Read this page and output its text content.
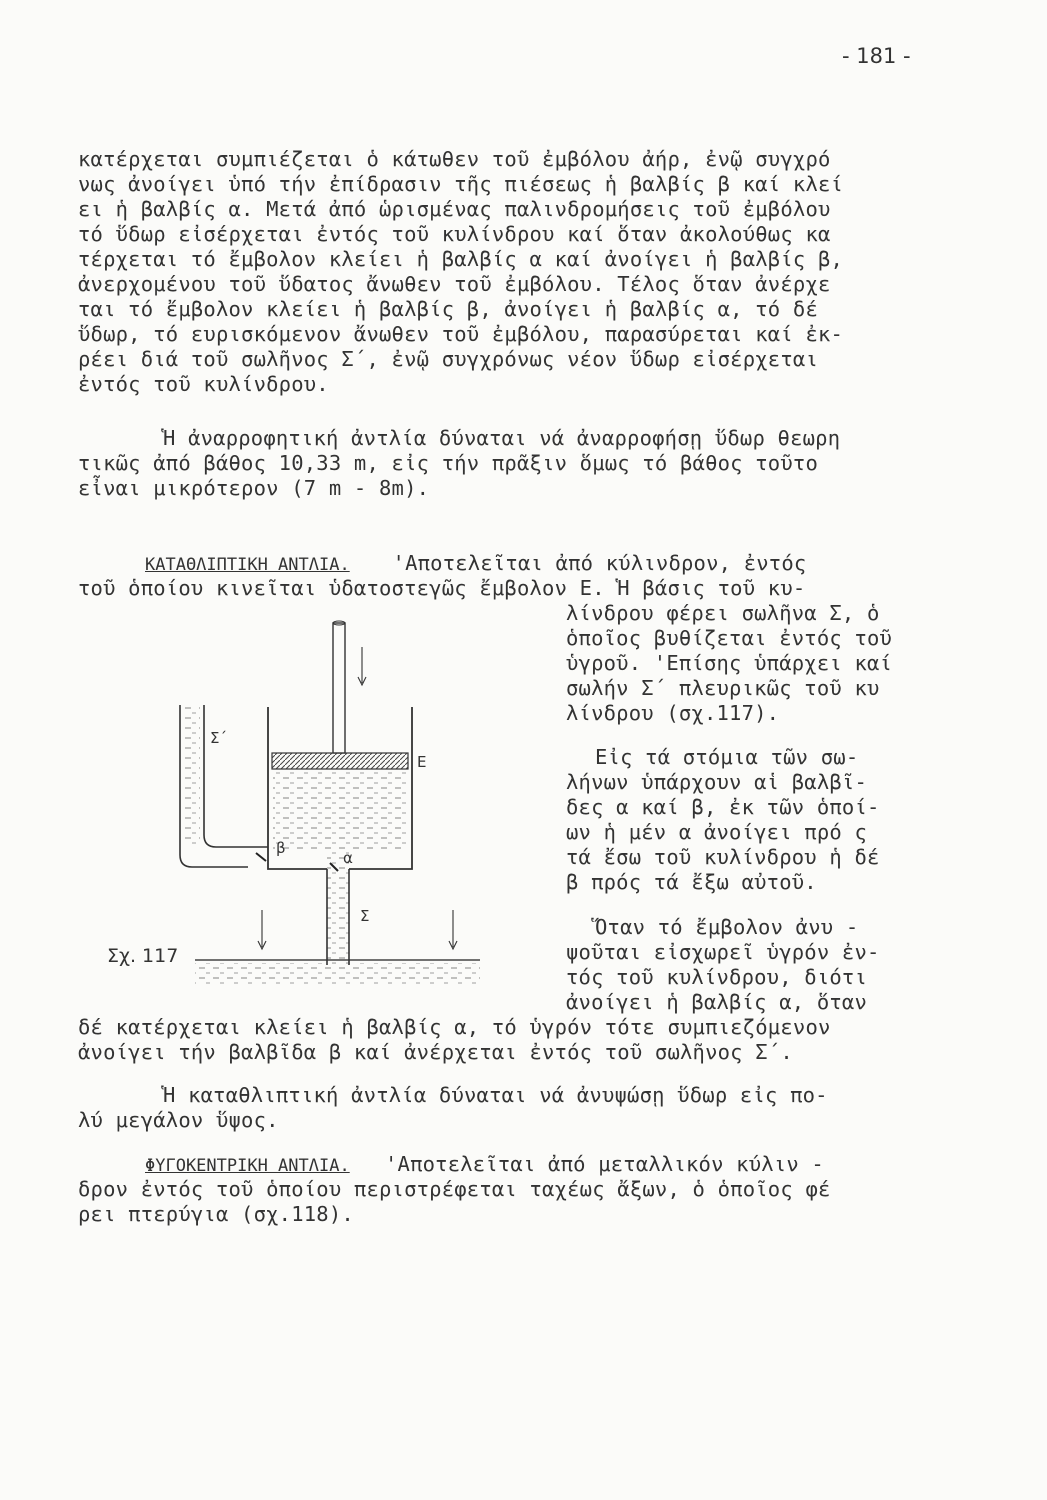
- 181 -
κατέρχεται συμπιέζεται ὁ κάτωθεν τοῦ ἐμβόλου ἀήρ, ἐνῷ συγχρό
νως ἀνοίγει ὑπό τήν ἐπίδρασιν τῆς πιέσεως ἡ βαλβίς β καί κλεί
ει ἡ βαλβίς α. Μετά ἀπό ὡρισμένας παλινδρομήσεις τοῦ ἐμβόλου
τό ὕδωρ εἰσέρχεται ἐντός τοῦ κυλίνδρου καί ὅταν ἀκολούθως κα
τέρχεται τό ἔμβολον κλείει ἡ βαλβίς α καί ἀνοίγει ἡ βαλβίς β,
ἀνερχομένου τοῦ ὕδατος ἄνωθεν τοῦ ἐμβόλου. Τέλος ὅταν ἀνέρχε
ται τό ἔμβολον κλείει ἡ βαλβίς β, ἀνοίγει ἡ βαλβίς α, τό δέ
ὕδωρ, τό ευρισκόμενον ἄνωθεν τοῦ ἐμβόλου, παρασύρεται καί ἐκ-
ρέει διά τοῦ σωλῆνος Σ΄, ἐνῷ συγχρόνως νέον ὕδωρ εἰσέρχεται
ἐντός τοῦ κυλίνδρου.
Ἡ ἀναρροφητική ἀντλία δύναται νά ἀναρροφήσῃ ὕδωρ θεωρη
τικῶς ἀπό βάθος 10,33 m, εἰς τήν πρᾶξιν ὅμως τό βάθος τοῦτο
εἶναι μικρότερον (7 m - 8m).
ΚΑΤΑΘΛΙΠΤΙΚΗ ΑΝΤΛΙΑ. 'Αποτελεῖται ἀπό κύλινδρον, ἐντός
τοῦ ὁποίου κινεῖται ὑδατοστεγῶς ἔμβολον Ε. Ἡ βάσις τοῦ κυ-
λίνδρου φέρει σωλῆνα Σ, ὁ
ὁποῖος βυθίζεται ἐντός τοῦ
ὑγροῦ. 'Επίσης ὑπάρχει καί
σωλήν Σ΄ πλευρικῶς τοῦ κυ
λίνδρου (σχ.117).
Εἰς τά στόμια τῶν σω-
λήνων ὑπάρχουν αἱ βαλβῖ-
δες α καί β, ἐκ τῶν ὁποί-
ων ἡ μέν α ἀνοίγει πρό ς
τά ἔσω τοῦ κυλίνδρου ἡ δέ
β πρός τά ἔξω αὐτοῦ.
Ὅταν τό ἔμβολον ἀνυ -
ψοῦται εἰσχωρεῖ ὑγρόν ἐν-
τός τοῦ κυλίνδρου, διότι
ἀνοίγει ἡ βαλβίς α, ὅταν
δέ κατέρχεται κλείει ἡ βαλβίς α, τό ὑγρόν τότε συμπιεζόμενον
ἀνοίγει τήν βαλβῖδα β καί ἀνέρχεται ἐντός τοῦ σωλῆνος Σ΄.
Ἡ καταθλιπτική ἀντλία δύναται νά ἀνυψώσῃ ὕδωρ εἰς πο-
λύ μεγάλον ὕψος.
ΦΥΓΟΚΕΝΤΡΙΚΗ ΑΝΤΛΙΑ. 'Αποτελεῖται ἀπό μεταλλικόν κύλιν -
δρον ἐντός τοῦ ὁποίου περιστρέφεται ταχέως ἄξων, ὁ ὁποῖος φέ
ρει πτερύγια (σχ.118).
Σ΄
Ε
β
α
Σ
Σχ. 117
